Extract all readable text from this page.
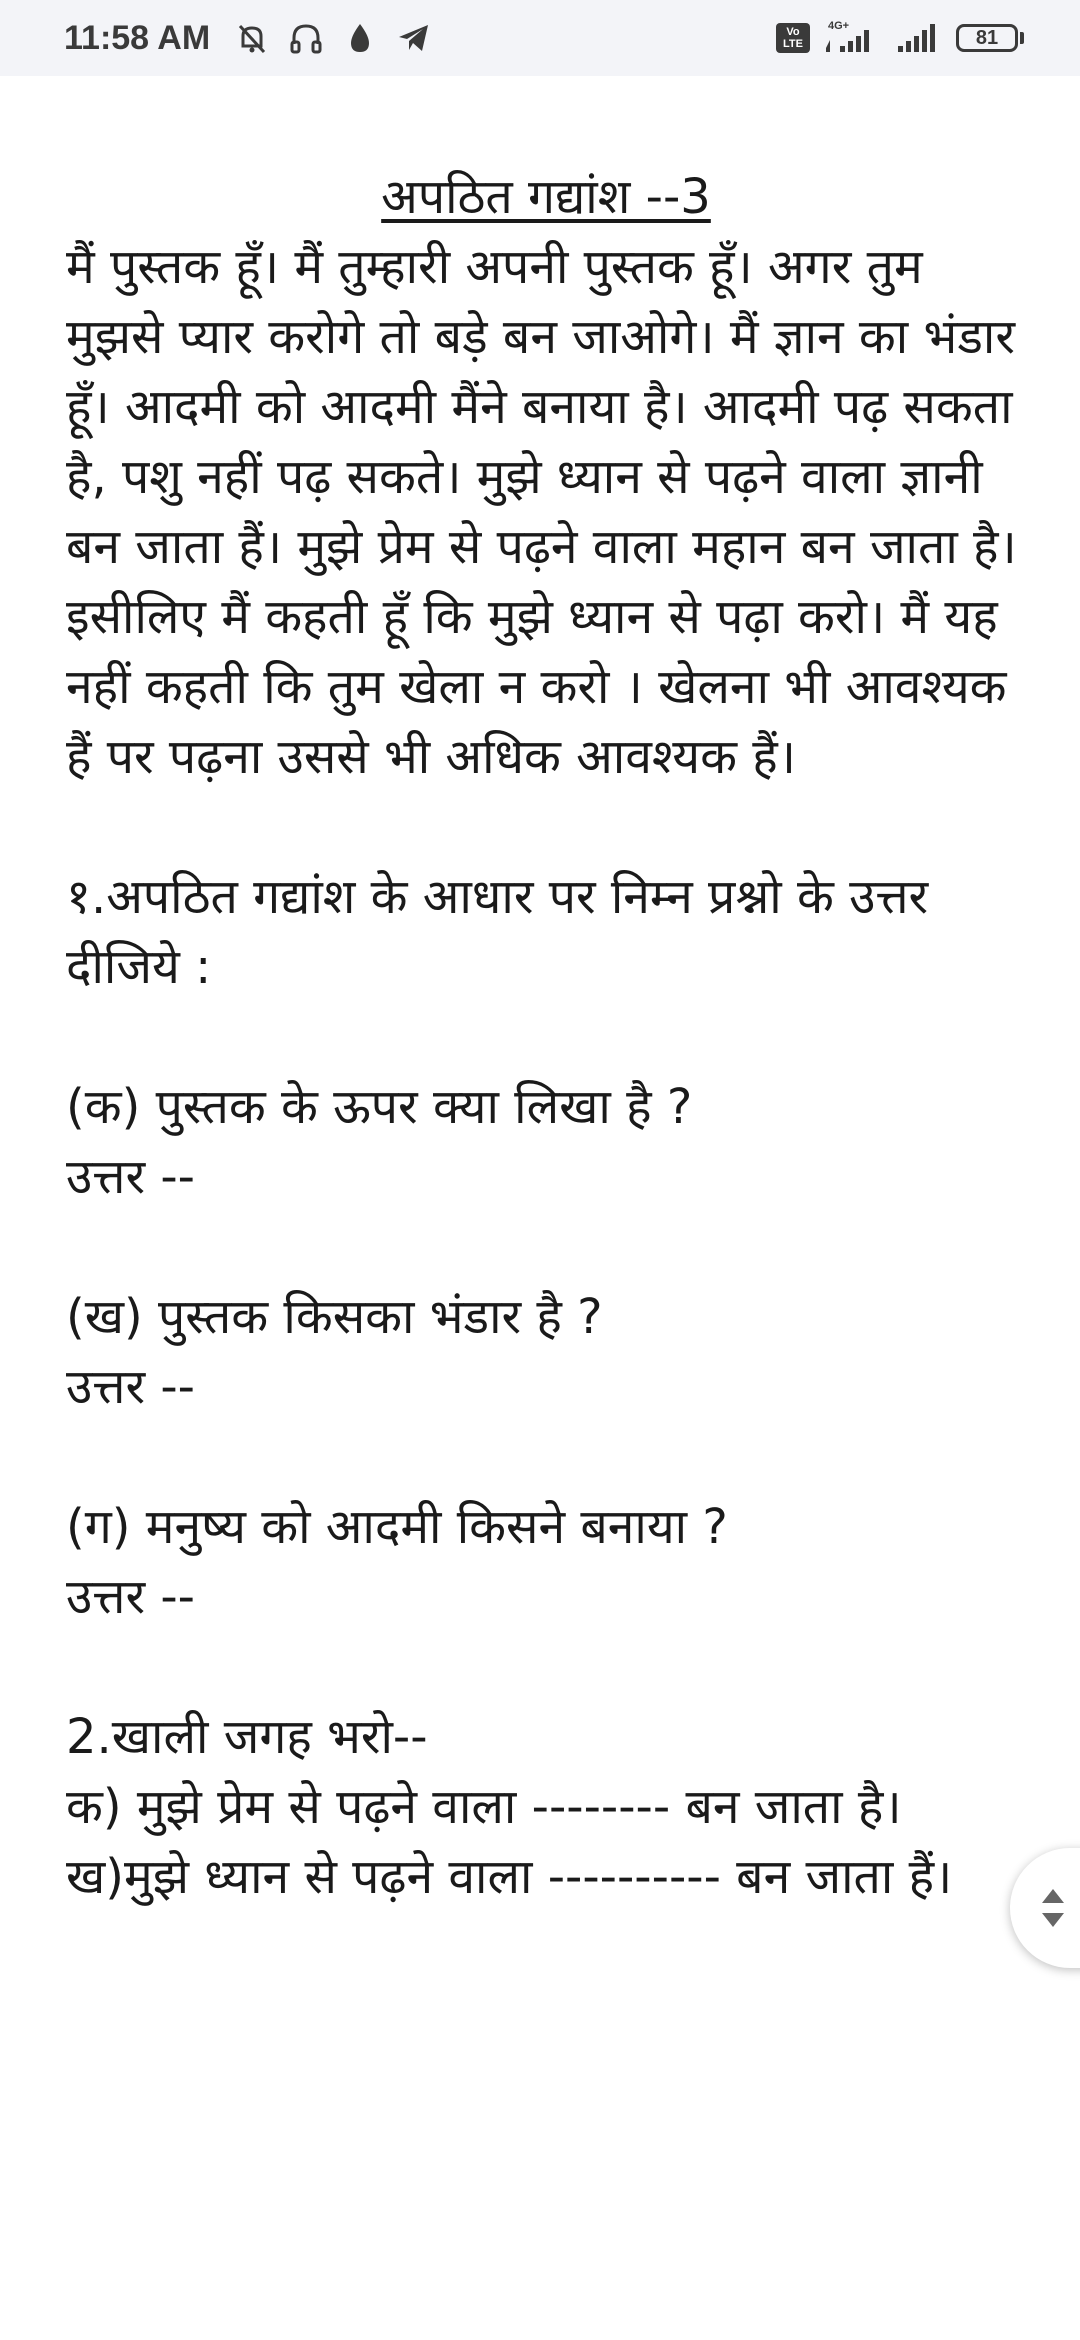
11:58 AM	Vo
LTE
4G+
81
अपठित गद्यांश --3

मैं पुस्तक हूँ। मैं तुम्हारी अपनी पुस्तक हूँ। अगर तुम मुझसे प्यार करोगे तो बड़े बन जाओगे। मैं ज्ञान का भंडार हूँ। आदमी को आदमी मैंने बनाया है। आदमी पढ़ सकता है, पशु नहीं पढ़ सकते। मुझे ध्यान से पढ़ने वाला ज्ञानी बन जाता हैं। मुझे प्रेम से पढ़ने वाला महान बन जाता है। इसीलिए मैं कहती हूँ कि मुझे ध्यान से पढ़ा करो। मैं यह नहीं कहती कि तुम खेला न करो । खेलना भी आवश्यक हैं पर पढ़ना उससे भी अधिक आवश्यक हैं।

१.अपठित गद्यांश के आधार पर निम्न प्रश्नो के उत्तर दीजिये :

(क) पुस्तक के ऊपर क्या लिखा है ?

उत्तर --

(ख) पुस्तक किसका भंडार है ?

उत्तर --

(ग) मनुष्य को आदमी किसने बनाया ?

उत्तर --

2.खाली जगह भरो--

क) मुझे प्रेम से पढ़ने वाला -------- बन जाता है।

ख)मुझे ध्यान से पढ़ने वाला ---------- बन जाता हैं।
